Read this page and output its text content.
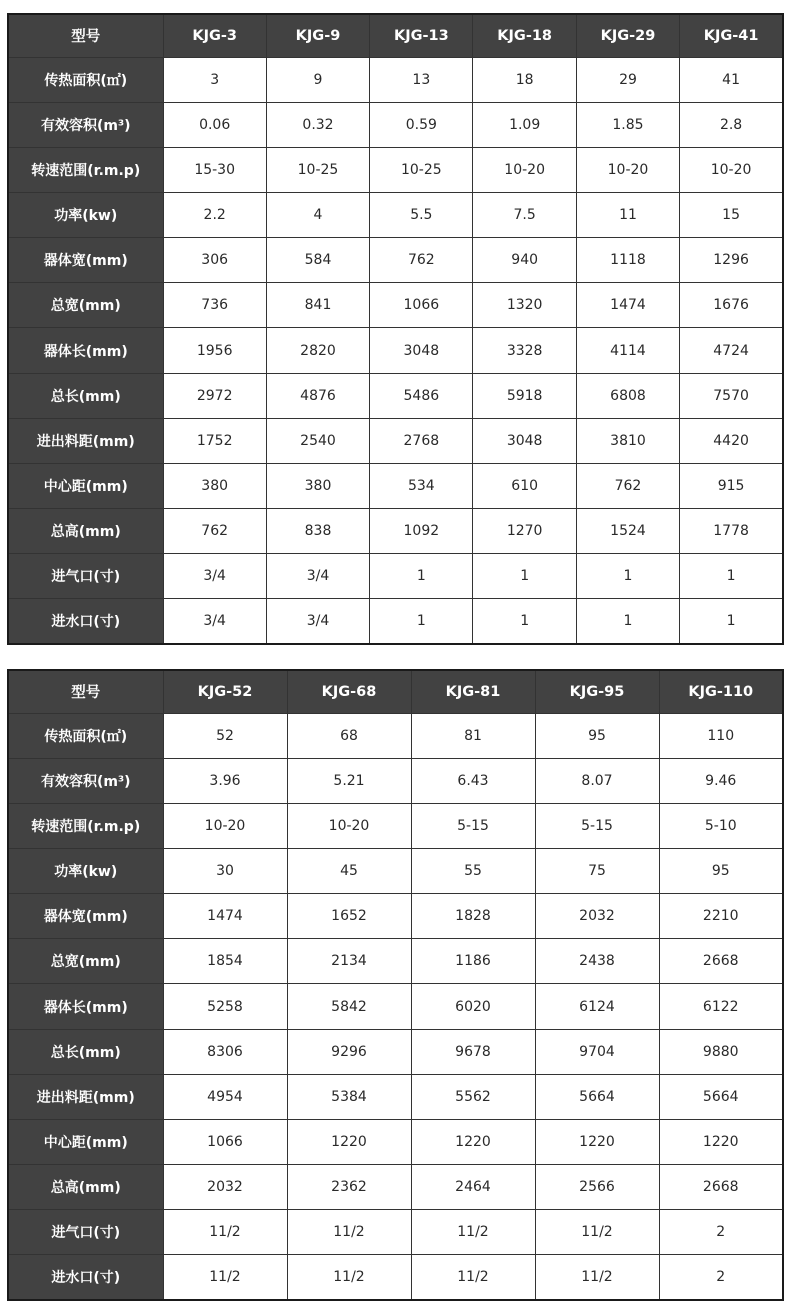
型号	KJG-3	KJG-9	KJG-13	KJG-18	KJG-29	KJG-41
传热面积(㎡)	3	9	13	18	29	41
有效容积(m³)	0.06	0.32	0.59	1.09	1.85	2.8
转速范围(r.m.p)	15-30	10-25	10-25	10-20	10-20	10-20
功率(kw)	2.2	4	5.5	7.5	11	15
器体宽(mm)	306	584	762	940	1118	1296
总宽(mm)	736	841	1066	1320	1474	1676
器体长(mm)	1956	2820	3048	3328	4114	4724
总长(mm)	2972	4876	5486	5918	6808	7570
进出料距(mm)	1752	2540	2768	3048	3810	4420
中心距(mm)	380	380	534	610	762	915
总高(mm)	762	838	1092	1270	1524	1778
进气口(寸)	3/4	3/4	1	1	1	1
进水口(寸)	3/4	3/4	1	1	1	1
型号	KJG-52	KJG-68	KJG-81	KJG-95	KJG-110
传热面积(㎡)	52	68	81	95	110
有效容积(m³)	3.96	5.21	6.43	8.07	9.46
转速范围(r.m.p)	10-20	10-20	5-15	5-15	5-10
功率(kw)	30	45	55	75	95
器体宽(mm)	1474	1652	1828	2032	2210
总宽(mm)	1854	2134	1186	2438	2668
器体长(mm)	5258	5842	6020	6124	6122
总长(mm)	8306	9296	9678	9704	9880
进出料距(mm)	4954	5384	5562	5664	5664
中心距(mm)	1066	1220	1220	1220	1220
总高(mm)	2032	2362	2464	2566	2668
进气口(寸)	11/2	11/2	11/2	11/2	2
进水口(寸)	11/2	11/2	11/2	11/2	2
